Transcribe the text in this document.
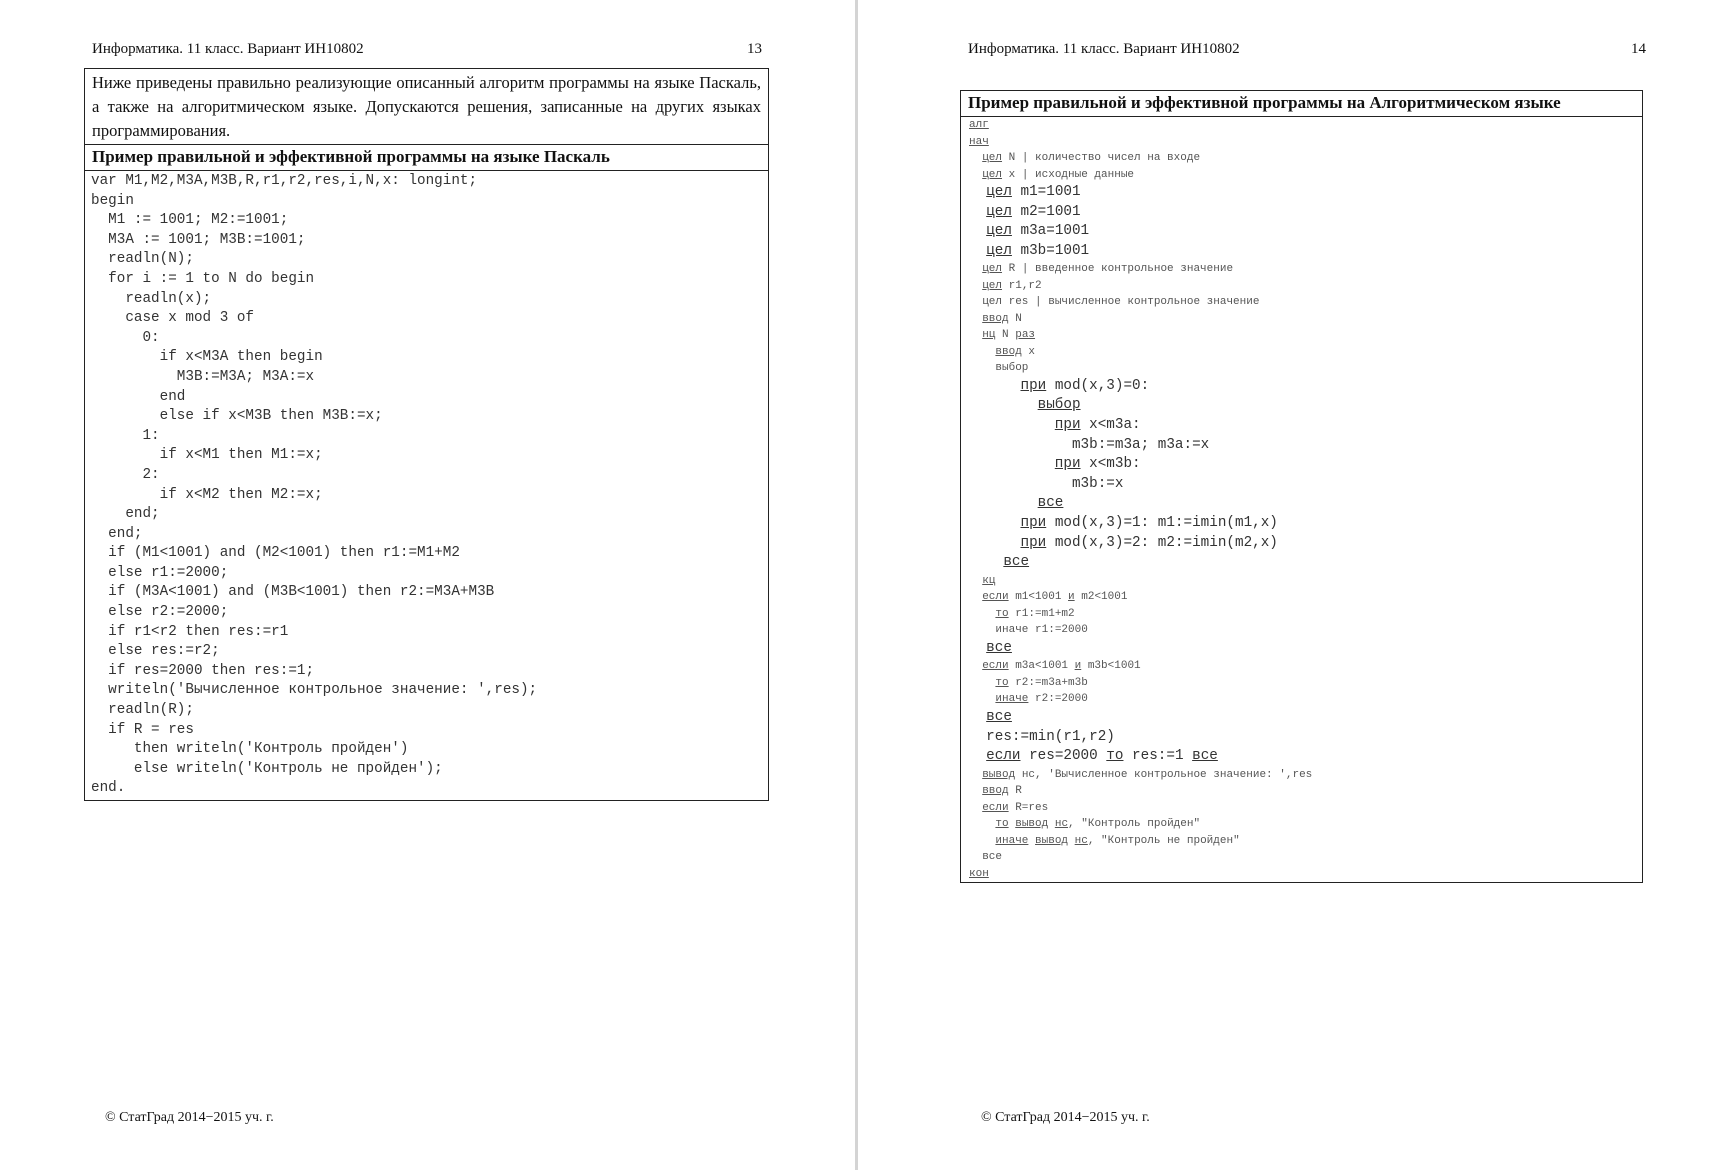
Информатика. 11 класс. Вариант ИН10802	13
Ниже приведены правильно реализующие описанный алгоритм программы на языке Паскаль, а также на алгоритмическом языке. Допускаются решения, записанные на других языках программирования.
Пример правильной и эффективной программы на языке Паскаль
var M1,M2,M3A,M3B,R,r1,r2,res,i,N,x: longint;
begin
M1 := 1001; M2:=1001;
M3A := 1001; M3B:=1001;
readln(N);
for i := 1 to N do begin
readln(x);
case x mod 3 of
0:
if x<M3A then begin
M3B:=M3A; M3A:=x
end
else if x<M3B then M3B:=x;
1:
if x<M1 then M1:=x;
2:
if x<M2 then M2:=x;
end;
end;
if (M1<1001) and (M2<1001) then r1:=M1+M2
else r1:=2000;
if (M3A<1001) and (M3B<1001) then r2:=M3A+M3B
else r2:=2000;
if r1<r2 then res:=r1
else res:=r2;
if res=2000 then res:=1;
writeln('Вычисленное контрольное значение: ',res);
readln(R);
if R = res
then writeln('Контроль пройден')
else writeln('Контроль не пройден');
end.
© СтатГрад 2014−2015 уч. г.
Информатика. 11 класс. Вариант ИН10802	14
Пример правильной и эффективной программы на Алгоритмическом языке
алг
нач
цел N | количество чисел на входе
цел x | исходные данные
цел m1=1001
цел m2=1001
цел m3a=1001
цел m3b=1001
цел R | введенное контрольное значение
цел r1,r2
цел res | вычисленное контрольное значение
ввод N
нц N раз
ввод x
выбор
при mod(x,3)=0:
выбор
при x<m3a:
m3b:=m3a; m3a:=x
при x<m3b:
m3b:=x
все
при mod(x,3)=1: m1:=imin(m1,x)
при mod(x,3)=2: m2:=imin(m2,x)
все
кц
если m1<1001 и m2<1001
то r1:=m1+m2
иначе r1:=2000
все
если m3a<1001 и m3b<1001
то r2:=m3a+m3b
иначе r2:=2000
все
res:=min(r1,r2)
если res=2000 то res:=1 все
вывод нс, 'Вычисленное контрольное значение: ',res
ввод R
если R=res
то вывод нс, "Контроль пройден"
иначе вывод нс, "Контроль не пройден"
все
кон
© СтатГрад 2014−2015 уч. г.
